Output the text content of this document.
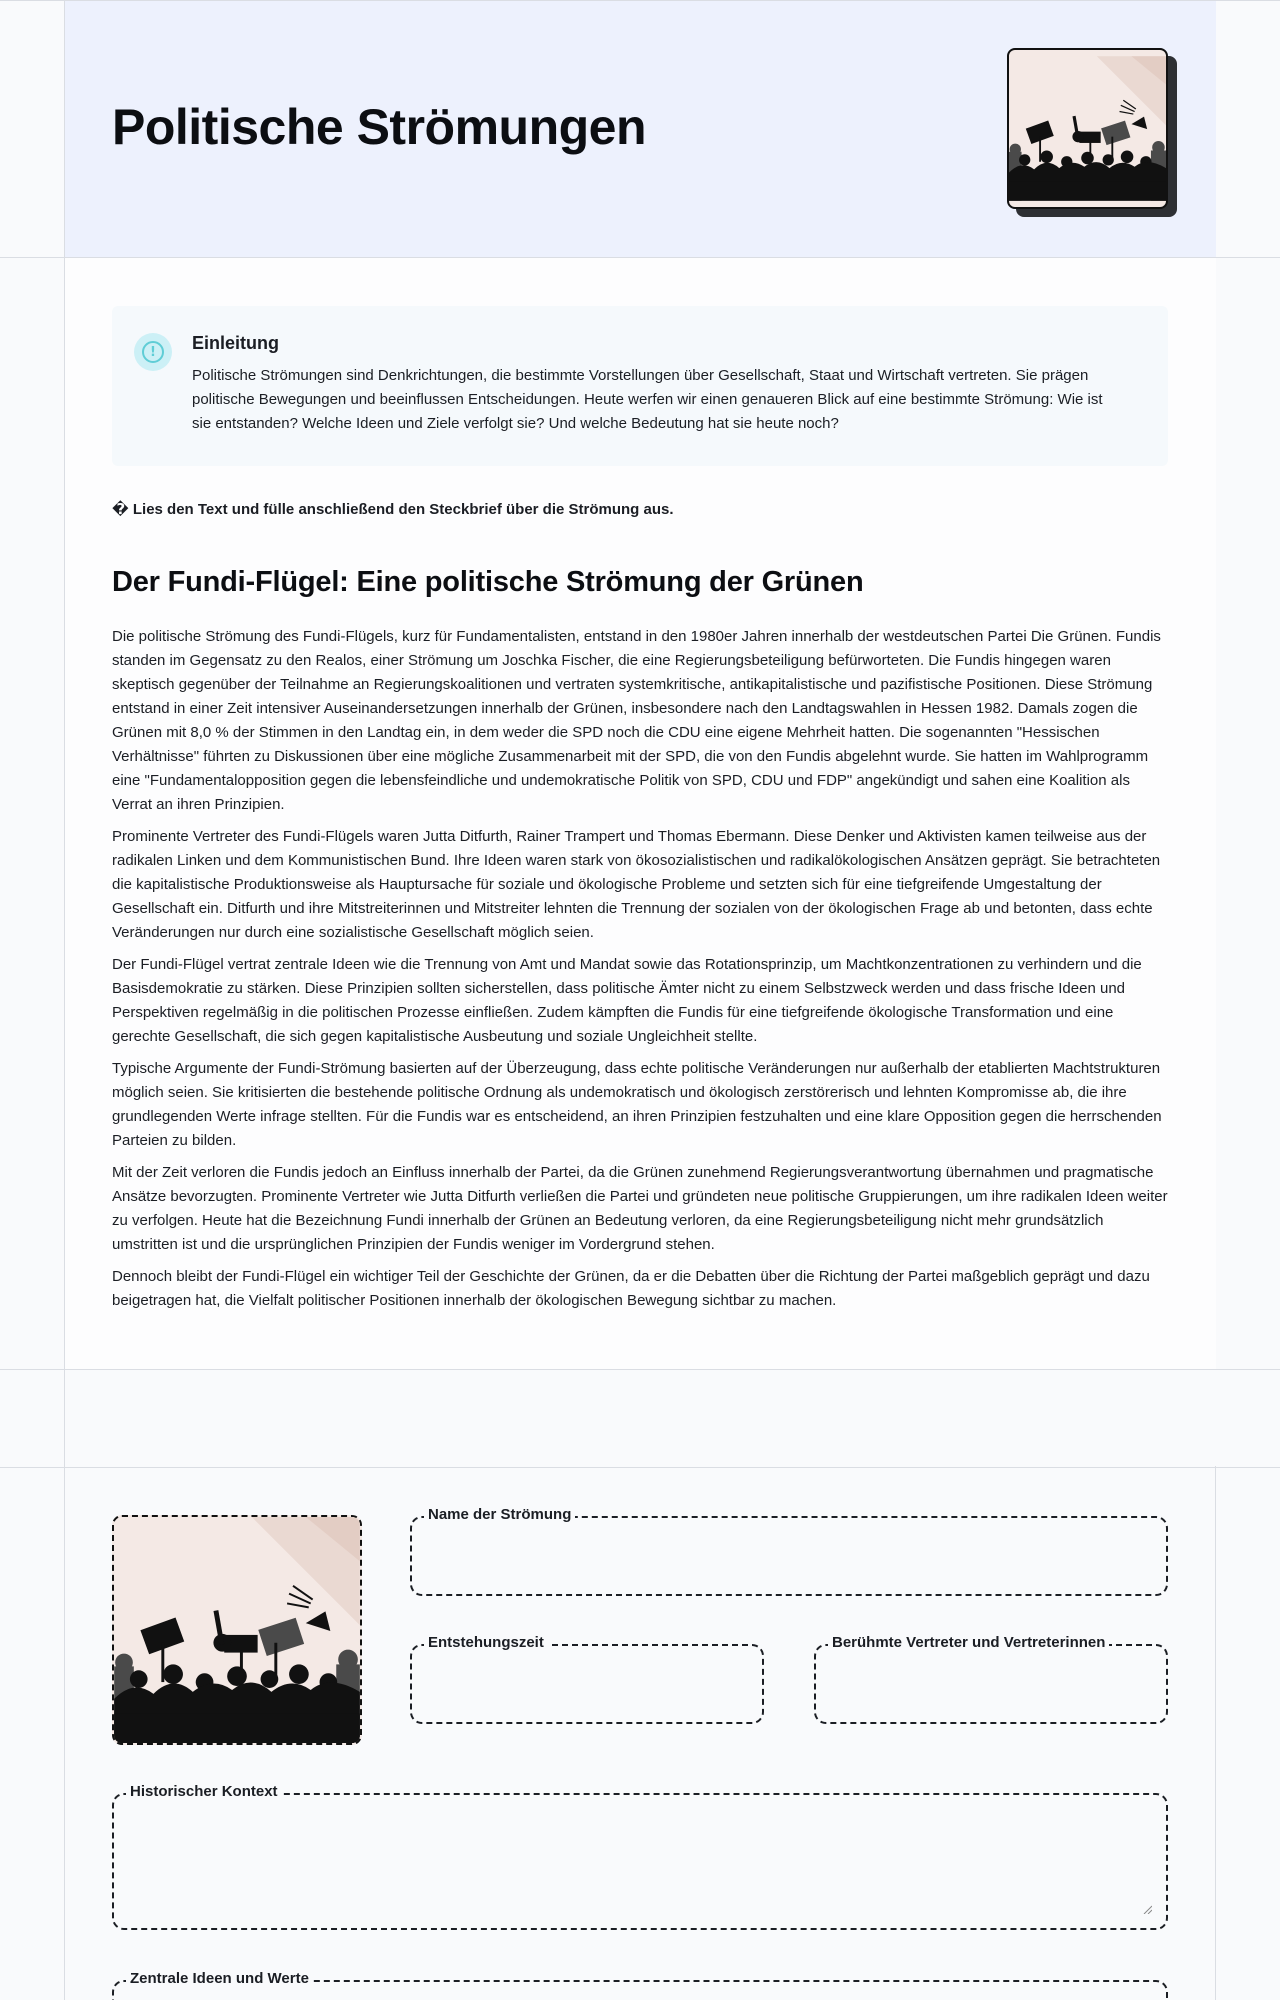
Politische Strömungen
!	Einleitung

Politische Strömungen sind Denkrichtungen, die bestimmte Vorstellungen über Gesellschaft, Staat und Wirtschaft vertreten. Sie prägen politische Bewegungen und beeinflussen Entscheidungen. Heute werfen wir einen genaueren Blick auf eine bestimmte Strömung: Wie ist sie entstanden? Welche Ideen und Ziele verfolgt sie? Und welche Bedeutung hat sie heute noch?

� Lies den Text und fülle anschließend den Steckbrief über die Strömung aus.
Der Fundi-Flügel: Eine politische Strömung der Grünen

Die politische Strömung des Fundi-Flügels, kurz für Fundamentalisten, entstand in den 1980er Jahren innerhalb der westdeutschen Partei Die Grünen. Fundis standen im Gegensatz zu den Realos, einer Strömung um Joschka Fischer, die eine Regierungsbeteiligung befürworteten. Die Fundis hingegen waren skeptisch gegenüber der Teilnahme an Regierungskoalitionen und vertraten systemkritische, antikapitalistische und pazifistische Positionen. Diese Strömung entstand in einer Zeit intensiver Auseinandersetzungen innerhalb der Grünen, insbesondere nach den Landtagswahlen in Hessen 1982. Damals zogen die Grünen mit 8,0 % der Stimmen in den Landtag ein, in dem weder die SPD noch die CDU eine eigene Mehrheit hatten. Die sogenannten "Hessischen Verhältnisse" führten zu Diskussionen über eine mögliche Zusammenarbeit mit der SPD, die von den Fundis abgelehnt wurde. Sie hatten im Wahlprogramm eine "Fundamentalopposition gegen die lebensfeindliche und undemokratische Politik von SPD, CDU und FDP" angekündigt und sahen eine Koalition als Verrat an ihren Prinzipien.

Prominente Vertreter des Fundi-Flügels waren Jutta Ditfurth, Rainer Trampert und Thomas Ebermann. Diese Denker und Aktivisten kamen teilweise aus der radikalen Linken und dem Kommunistischen Bund. Ihre Ideen waren stark von ökosozialistischen und radikalökologischen Ansätzen geprägt. Sie betrachteten die kapitalistische Produktionsweise als Hauptursache für soziale und ökologische Probleme und setzten sich für eine tiefgreifende Umgestaltung der Gesellschaft ein. Ditfurth und ihre Mitstreiterinnen und Mitstreiter lehnten die Trennung der sozialen von der ökologischen Frage ab und betonten, dass echte Veränderungen nur durch eine sozialistische Gesellschaft möglich seien.

Der Fundi-Flügel vertrat zentrale Ideen wie die Trennung von Amt und Mandat sowie das Rotationsprinzip, um Machtkonzentrationen zu verhindern und die Basisdemokratie zu stärken. Diese Prinzipien sollten sicherstellen, dass politische Ämter nicht zu einem Selbstzweck werden und dass frische Ideen und Perspektiven regelmäßig in die politischen Prozesse einfließen. Zudem kämpften die Fundis für eine tiefgreifende ökologische Transformation und eine gerechte Gesellschaft, die sich gegen kapitalistische Ausbeutung und soziale Ungleichheit stellte.

Typische Argumente der Fundi-Strömung basierten auf der Überzeugung, dass echte politische Veränderungen nur außerhalb der etablierten Machtstrukturen möglich seien. Sie kritisierten die bestehende politische Ordnung als undemokratisch und ökologisch zerstörerisch und lehnten Kompromisse ab, die ihre grundlegenden Werte infrage stellten. Für die Fundis war es entscheidend, an ihren Prinzipien festzuhalten und eine klare Opposition gegen die herrschenden Parteien zu bilden.

Mit der Zeit verloren die Fundis jedoch an Einfluss innerhalb der Partei, da die Grünen zunehmend Regierungsverantwortung übernahmen und pragmatische Ansätze bevorzugten. Prominente Vertreter wie Jutta Ditfurth verließen die Partei und gründeten neue politische Gruppierungen, um ihre radikalen Ideen weiter zu verfolgen. Heute hat die Bezeichnung Fundi innerhalb der Grünen an Bedeutung verloren, da eine Regierungsbeteiligung nicht mehr grundsätzlich umstritten ist und die ursprünglichen Prinzipien der Fundis weniger im Vordergrund stehen.

Dennoch bleibt der Fundi-Flügel ein wichtiger Teil der Geschichte der Grünen, da er die Debatten über die Richtung der Partei maßgeblich geprägt und dazu beigetragen hat, die Vielfalt politischer Positionen innerhalb der ökologischen Bewegung sichtbar zu machen.

Name der Strömung
Entstehungszeit	Berühmte Vertreter und Vertreterinnen
Historischer Kontext
Zentrale Ideen und Werte
